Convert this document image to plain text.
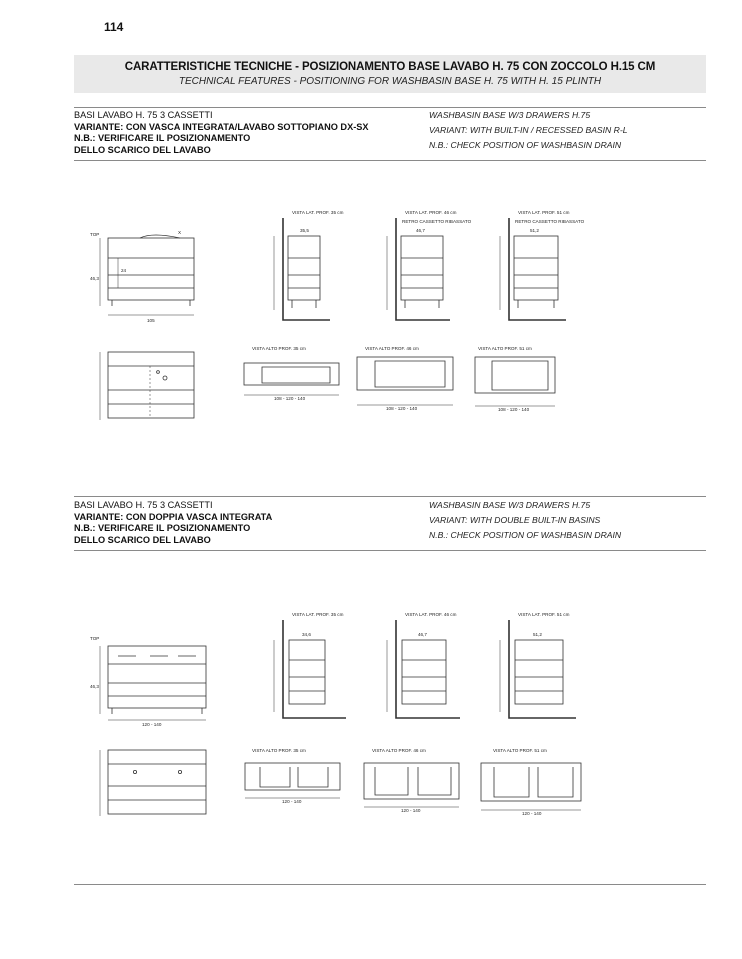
114
CARATTERISTICHE TECNICHE - POSIZIONAMENTO BASE LAVABO H. 75 CON ZOCCOLO H.15 CM
TECHNICAL FEATURES - POSITIONING FOR WASHBASIN BASE H. 75 WITH H. 15 PLINTH
BASI LAVABO H. 75 3 CASSETTI
VARIANTE: CON VASCA INTEGRATA/LAVABO SOTTOPIANO DX-SX
N.B.: VERIFICARE IL POSIZIONAMENTO
DELLO SCARICO DEL LAVABO
WASHBASIN BASE W/3 DRAWERS H.75
VARIANT: WITH BUILT-IN / RECESSED BASIN R-L
N.B.: CHECK POSITION OF WASHBASIN DRAIN
VISTA LAT. PROF. 35 cm	VISTA LAT. PROF. 46 cm	VISTA LAT. PROF. 51 cm
35,5	46,7	51,2
RETRO CASSETTO RIBASSATO	RETRO CASSETTO RIBASSATO
VISTA ALTO PROF. 35 cm	VISTA ALTO PROF. 46 cm	VISTA ALTO PROF. 51 cm
108 - 120 - 140
108 - 120 - 140	108 - 120 - 140
105
TOP
46,3
X
24
VISTA LAT. PROF. 35 cm	VISTA LAT. PROF. 46 cm	VISTA LAT. PROF. 51 cm
34,6	46,7	51,2
VISTA ALTO PROF. 35 cm	VISTA ALTO PROF. 46 cm	VISTA ALTO PROF. 51 cm
120 - 140
120 - 140
120 - 140
120 - 140
TOP
46,3
BASI LAVABO H. 75 3 CASSETTI
VARIANTE: CON DOPPIA VASCA INTEGRATA
N.B.: VERIFICARE IL POSIZIONAMENTO
DELLO SCARICO DEL LAVABO
WASHBASIN BASE W/3 DRAWERS H.75
VARIANT: WITH DOUBLE BUILT-IN BASINS
N.B.: CHECK POSITION OF WASHBASIN DRAIN
